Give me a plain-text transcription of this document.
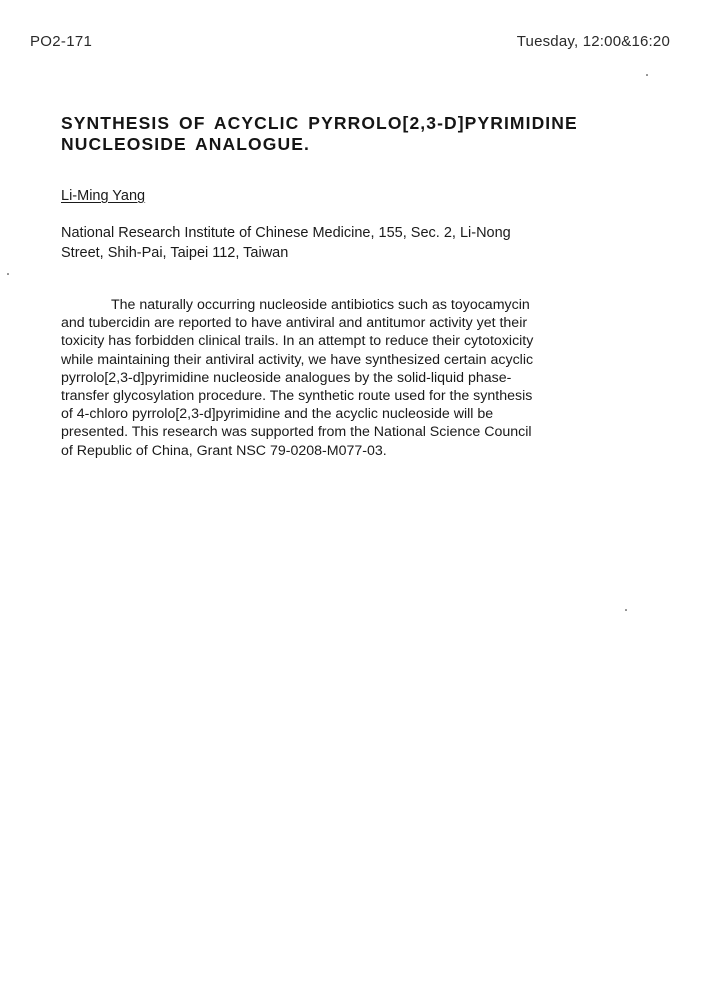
PO2-171	Tuesday, 12:00&16:20
SYNTHESIS OF ACYCLIC PYRROLO[2,3-D]PYRIMIDINE
NUCLEOSIDE ANALOGUE.
Li-Ming Yang
National Research Institute of Chinese Medicine, 155, Sec. 2, Li-Nong
Street, Shih-Pai, Taipei 112, Taiwan
The naturally occurring nucleoside antibiotics such as toyocamycin
and tubercidin are reported to have antiviral and antitumor activity yet their
toxicity has forbidden clinical trails. In an attempt to reduce their cytotoxicity
while maintaining their antiviral activity, we have synthesized certain acyclic
pyrrolo[2,3-d]pyrimidine nucleoside analogues by the solid-liquid phase-
transfer glycosylation procedure. The synthetic route used for the synthesis
of 4-chloro pyrrolo[2,3-d]pyrimidine and the acyclic nucleoside will be
presented. This research was supported from the National Science Council
of Republic of China, Grant NSC 79-0208-M077-03.
